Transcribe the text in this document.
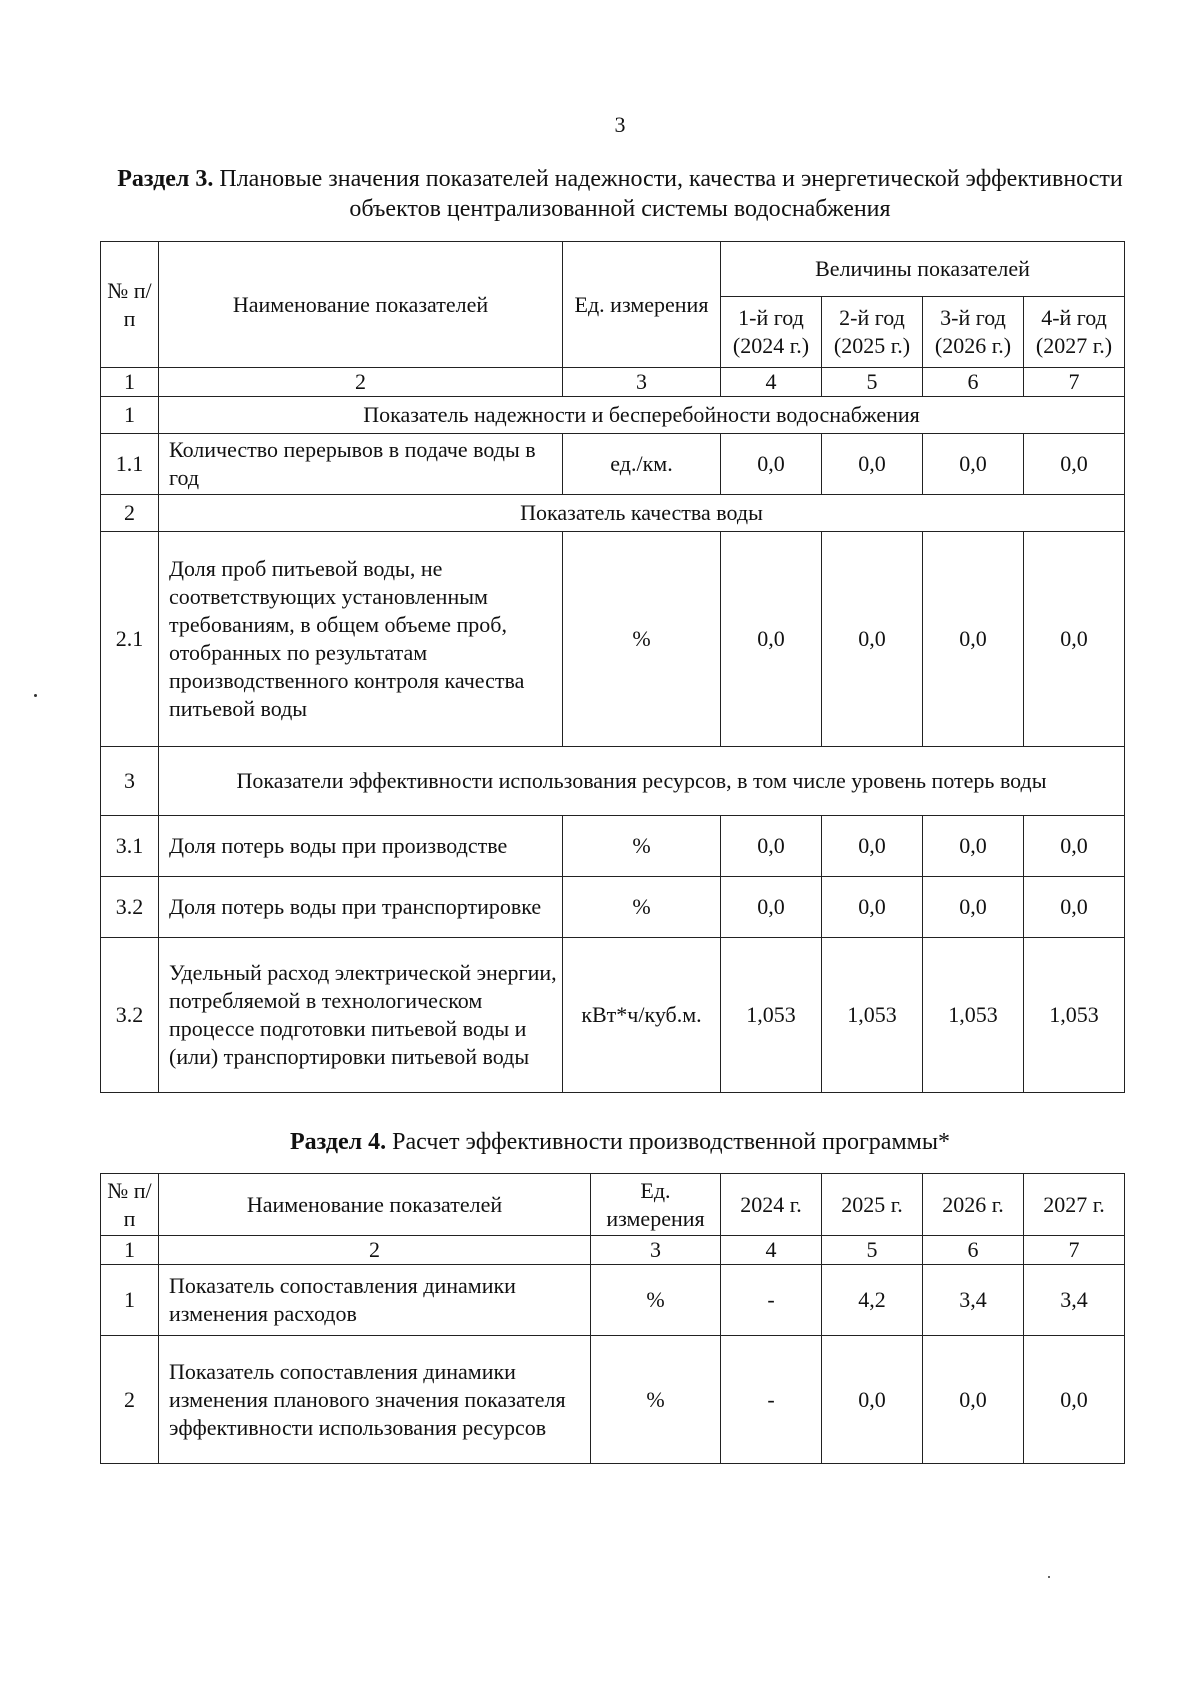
3
Раздел 3. Плановые значения показателей надежности, качества и энергетической эффективности объектов централизованной системы водоснабжения
№ п/п	Наименование показателей	Ед. измерения	Величины показателей			
			1-й год (2024 г.)	2-й год (2025 г.)	3-й год (2026 г.)	4-й год (2027 г.)
1	2	3	4	5	6	7
1	Показатель надежности и бесперебойности водоснабжения					
1.1	Количество перерывов в подаче воды в год	ед./км.	0,0	0,0	0,0	0,0
2	Показатель качества воды					
2.1	Доля проб питьевой воды, не соответствующих установленным требованиям, в общем объеме проб, отобранных по результатам производственного контроля качества питьевой воды	%	0,0	0,0	0,0	0,0
3	Показатели эффективности использования ресурсов, в том числе уровень потерь воды					
3.1	Доля потерь воды при производстве	%	0,0	0,0	0,0	0,0
3.2	Доля потерь воды при транспортировке	%	0,0	0,0	0,0	0,0
3.2	Удельный расход электрической энергии, потребляемой в технологическом процессе подготовки питьевой воды и (или) транспортировки питьевой воды	кВт*ч/куб.м.	1,053	1,053	1,053	1,053
Раздел 4. Расчет эффективности производственной программы*
№ п/п	Наименование показателей	Ед. измерения	2024 г.	2025 г.	2026 г.	2027 г.
1	2	3	4	5	6	7
1	Показатель сопоставления динамики изменения расходов	%	-	4,2	3,4	3,4
2	Показатель сопоставления динамики изменения планового значения показателя эффективности использования ресурсов	%	-	0,0	0,0	0,0
